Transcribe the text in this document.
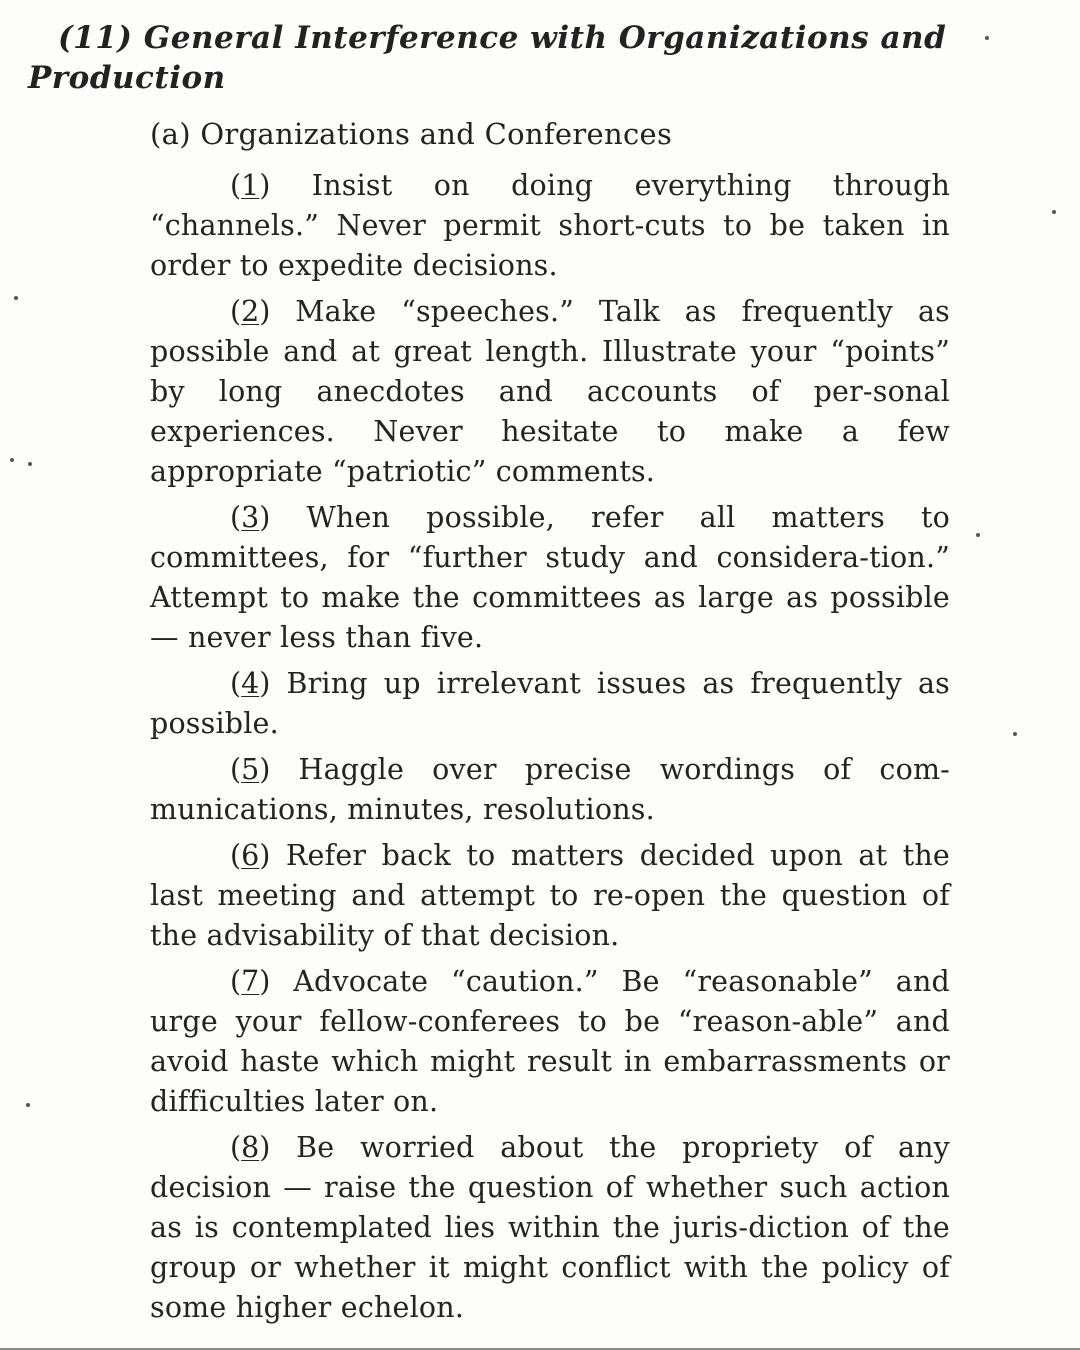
(11) General Interference with Organizations and Production
(a) Organizations and Conferences

(1) Insist on doing everything through “channels.” Never permit short-cuts to be taken in order to expedite decisions.

(2) Make “speeches.” Talk as frequently as possible and at great length. Illustrate your “points” by long anecdotes and accounts of per-sonal experiences. Never hesitate to make a few appropriate “patriotic” comments.

(3) When possible, refer all matters to committees, for “further study and considera-tion.” Attempt to make the committees as large as possible — never less than five.

(4) Bring up irrelevant issues as frequently as possible.

(5) Haggle over precise wordings of com-munications, minutes, resolutions.

(6) Refer back to matters decided upon at the last meeting and attempt to re-open the question of the advisability of that decision.

(7) Advocate “caution.” Be “reasonable” and urge your fellow-conferees to be “reason-able” and avoid haste which might result in embarrassments or difficulties later on.

(8) Be worried about the propriety of any decision — raise the question of whether such action as is contemplated lies within the juris-diction of the group or whether it might conflict with the policy of some higher echelon.
